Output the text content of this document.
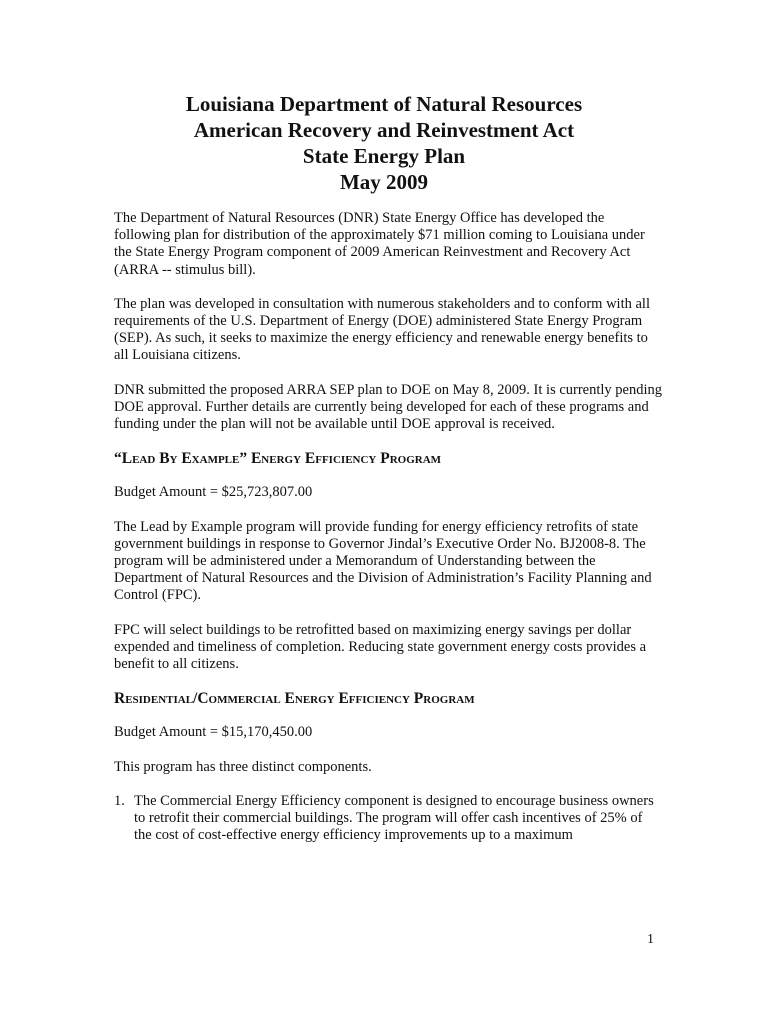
Louisiana Department of Natural Resources
American Recovery and Reinvestment Act
State Energy Plan
May 2009

The Department of Natural Resources (DNR) State Energy Office has developed the following plan for distribution of the approximately $71 million coming to Louisiana under the State Energy Program component of 2009 American Reinvestment and Recovery Act (ARRA -- stimulus bill).

The plan was developed in consultation with numerous stakeholders and to conform with all requirements of the U.S. Department of Energy (DOE) administered State Energy Program (SEP). As such, it seeks to maximize the energy efficiency and renewable energy benefits to all Louisiana citizens.

DNR submitted the proposed ARRA SEP plan to DOE on May 8, 2009. It is currently pending DOE approval. Further details are currently being developed for each of these programs and funding under the plan will not be available until DOE approval is received.

“Lead By Example” Energy Efficiency Program

Budget Amount = $25,723,807.00

The Lead by Example program will provide funding for energy efficiency retrofits of state government buildings in response to Governor Jindal’s Executive Order No. BJ2008-8. The program will be administered under a Memorandum of Understanding between the Department of Natural Resources and the Division of Administration’s Facility Planning and Control (FPC).

FPC will select buildings to be retrofitted based on maximizing energy savings per dollar expended and timeliness of completion. Reducing state government energy costs provides a benefit to all citizens.

Residential/Commercial Energy Efficiency Program

Budget Amount = $15,170,450.00

This program has three distinct components.

1. The Commercial Energy Efficiency component is designed to encourage business owners to retrofit their commercial buildings. The program will offer cash incentives of 25% of the cost of cost-effective energy efficiency improvements up to a maximum
1
